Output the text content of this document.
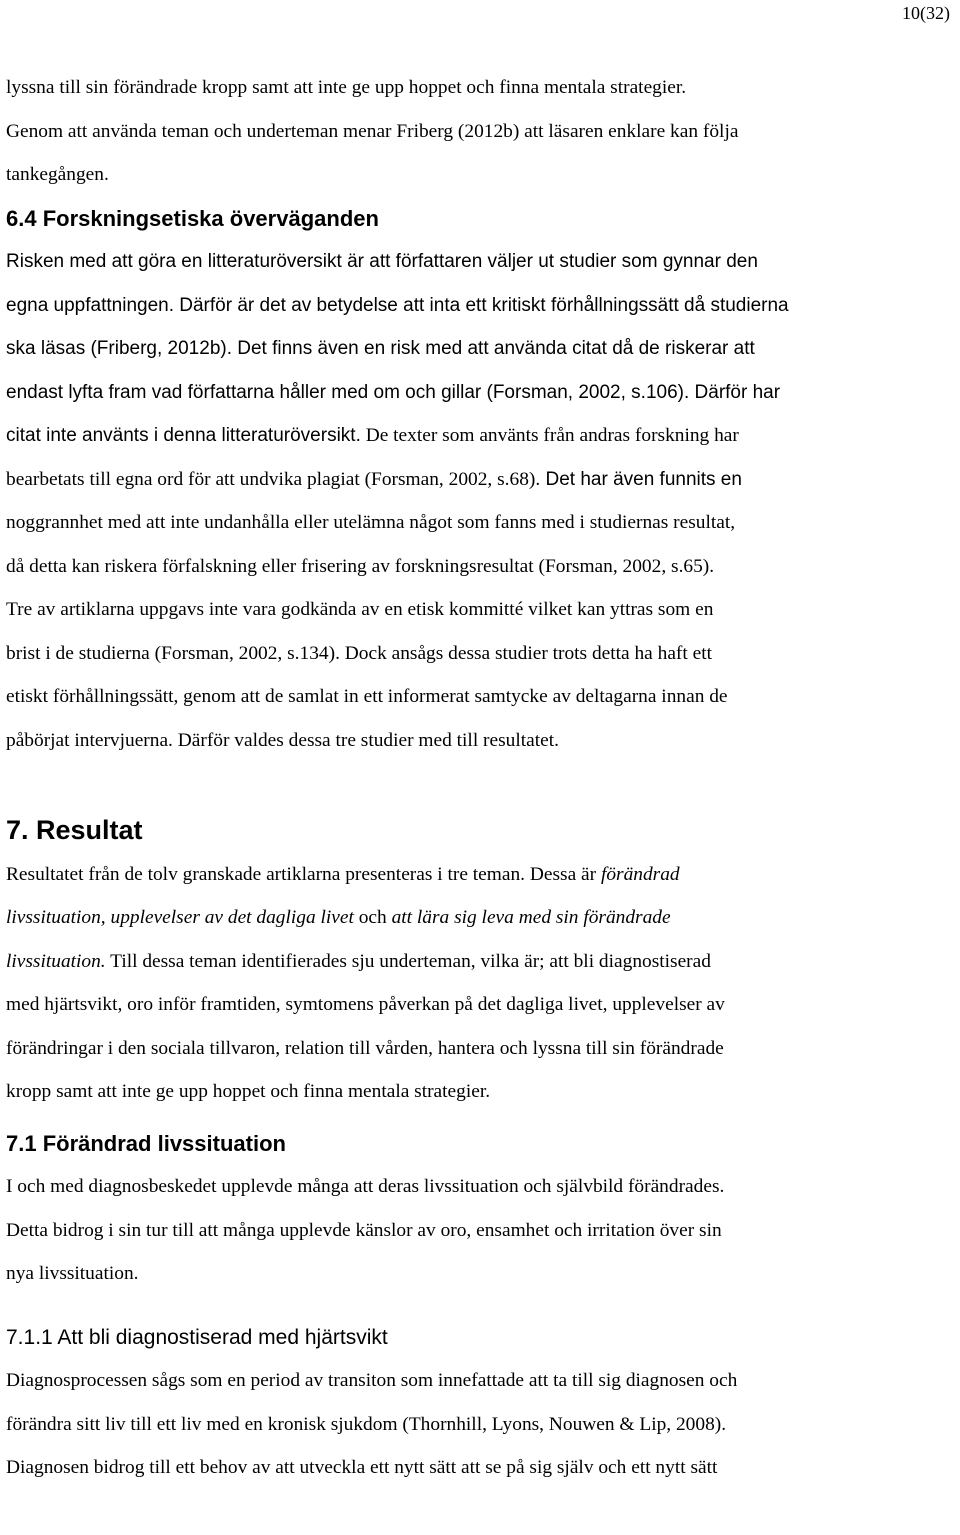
10(32)
lyssna till sin förändrade kropp samt att inte ge upp hoppet och finna mentala strategier.
Genom att använda teman och underteman menar Friberg (2012b) att läsaren enklare kan följa
tankegången.
6.4 Forskningsetiska överväganden
Risken med att göra en litteraturöversikt är att författaren väljer ut studier som gynnar den
egna uppfattningen. Därför är det av betydelse att inta ett kritiskt förhållningssätt då studierna
ska läsas (Friberg, 2012b). Det finns även en risk med att använda citat då de riskerar att
endast lyfta fram vad författarna håller med om och gillar (Forsman, 2002, s.106). Därför har
citat inte använts i denna litteraturöversikt. De texter som använts från andras forskning har
bearbetats till egna ord för att undvika plagiat (Forsman, 2002, s.68). Det har även funnits en
noggrannhet med att inte undanhålla eller utelämna något som fanns med i studiernas resultat,
då detta kan riskera förfalskning eller frisering av forskningsresultat (Forsman, 2002, s.65).
Tre av artiklarna uppgavs inte vara godkända av en etisk kommitté vilket kan yttras som en
brist i de studierna (Forsman, 2002, s.134). Dock ansågs dessa studier trots detta ha haft ett
etiskt förhållningssätt, genom att de samlat in ett informerat samtycke av deltagarna innan de
påbörjat intervjuerna. Därför valdes dessa tre studier med till resultatet.
7. Resultat
Resultatet från de tolv granskade artiklarna presenteras i tre teman. Dessa är förändrad
livssituation, upplevelser av det dagliga livet och att lära sig leva med sin förändrade
livssituation. Till dessa teman identifierades sju underteman, vilka är; att bli diagnostiserad
med hjärtsvikt, oro inför framtiden, symtomens påverkan på det dagliga livet, upplevelser av
förändringar i den sociala tillvaron, relation till vården, hantera och lyssna till sin förändrade
kropp samt att inte ge upp hoppet och finna mentala strategier.
7.1 Förändrad livssituation
I och med diagnosbeskedet upplevde många att deras livssituation och självbild förändrades.
Detta bidrog i sin tur till att många upplevde känslor av oro, ensamhet och irritation över sin
nya livssituation.
7.1.1 Att bli diagnostiserad med hjärtsvikt
Diagnosprocessen sågs som en period av transiton som innefattade att ta till sig diagnosen och
förändra sitt liv till ett liv med en kronisk sjukdom (Thornhill, Lyons, Nouwen & Lip, 2008).
Diagnosen bidrog till ett behov av att utveckla ett nytt sätt att se på sig själv och ett nytt sätt
